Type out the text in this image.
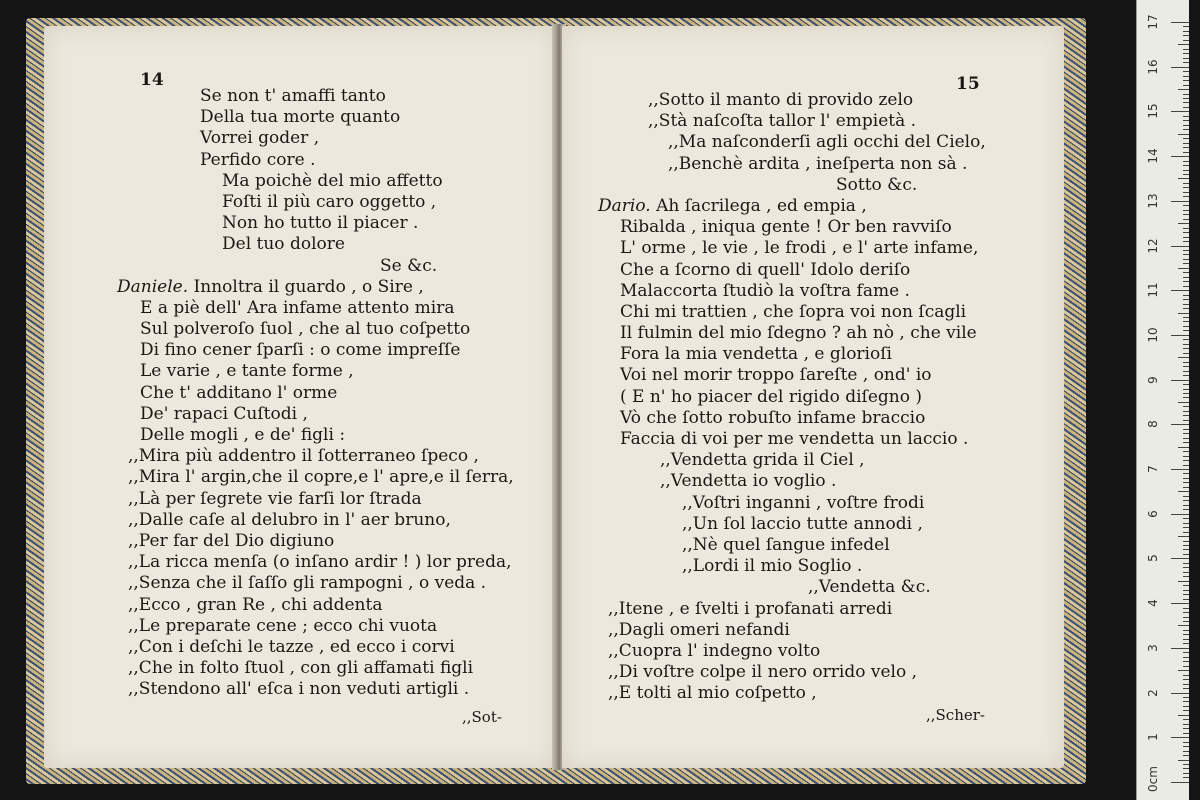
14
Se non t' amaffi tanto
Della tua morte quanto
Vorrei goder ,
Perfido core .
Ma poichè del mio affetto
Foſti il più caro oggetto ,
Non ho tutto il piacer .
Del tuo dolore
Se &c.
Daniele. Innoltra il guardo , o Sire ,
E a piè dell' Ara infame attento mira
Sul polveroſo ſuol , che al tuo coſpetto
Di fino cener ſparſi : o come impreſſe
Le varie , e tante forme ,
Che t' additano l' orme
De' rapaci Cuſtodi ,
Delle mogli , e de' figli :
,,Mira più addentro il ſotterraneo ſpeco ,
,,Mira l' argin,che il copre,e l' apre,e il ſerra,
,,Là per ſegrete vie farſi lor ſtrada
,,Dalle caſe al delubro in l' aer bruno,
,,Per far del Dio digiuno
,,La ricca menſa (o inſano ardir ! ) lor preda,
,,Senza che il ſaſſo gli rampogni , o veda .
,,Ecco , gran Re , chi addenta
,,Le preparate cene ; ecco chi vuota
,,Con i deſchi le tazze , ed ecco i corvi
,,Che in folto ſtuol , con gli affamati figli
,,Stendono all' eſca i non veduti artigli .
,,Sot-
15
,,Sotto il manto di provido zelo
,,Stà naſcoſta tallor l' empietà .
,,Ma naſconderſi agli occhi del Cielo,
,,Benchè ardita , ineſperta non sà .
Sotto &c.
Dario. Ah ſacrilega , ed empia ,
Ribalda , iniqua gente ! Or ben ravviſo
L' orme , le vie , le frodi , e l' arte infame,
Che a ſcorno di quell' Idolo deriſo
Malaccorta ſtudiò la voſtra fame .
Chi mi trattien , che ſopra voi non ſcagli
Il fulmin del mio ſdegno ? ah nò , che vile
Fora la mia vendetta , e glorioſi
Voi nel morir troppo ſareſte , ond' io
( E n' ho piacer del rigido diſegno )
Vò che ſotto robuſto infame braccio
Faccia di voi per me vendetta un laccio .
,,Vendetta grida il Ciel ,
,,Vendetta io voglio .
,,Voſtri inganni , voſtre frodi
,,Un ſol laccio tutte annodi ,
,,Nè quel ſangue infedel
,,Lordi il mio Soglio .
,,Vendetta &c.
,,Itene , e ſvelti i profanati arredi
,,Dagli omeri nefandi
,,Cuopra l' indegno volto
,,Di voſtre colpe il nero orrido velo ,
,,E tolti al mio coſpetto ,
,,Scher-
17
16
15
14
13
12
11
10
9
8
7
6
5
4
3
2
1
0cm
